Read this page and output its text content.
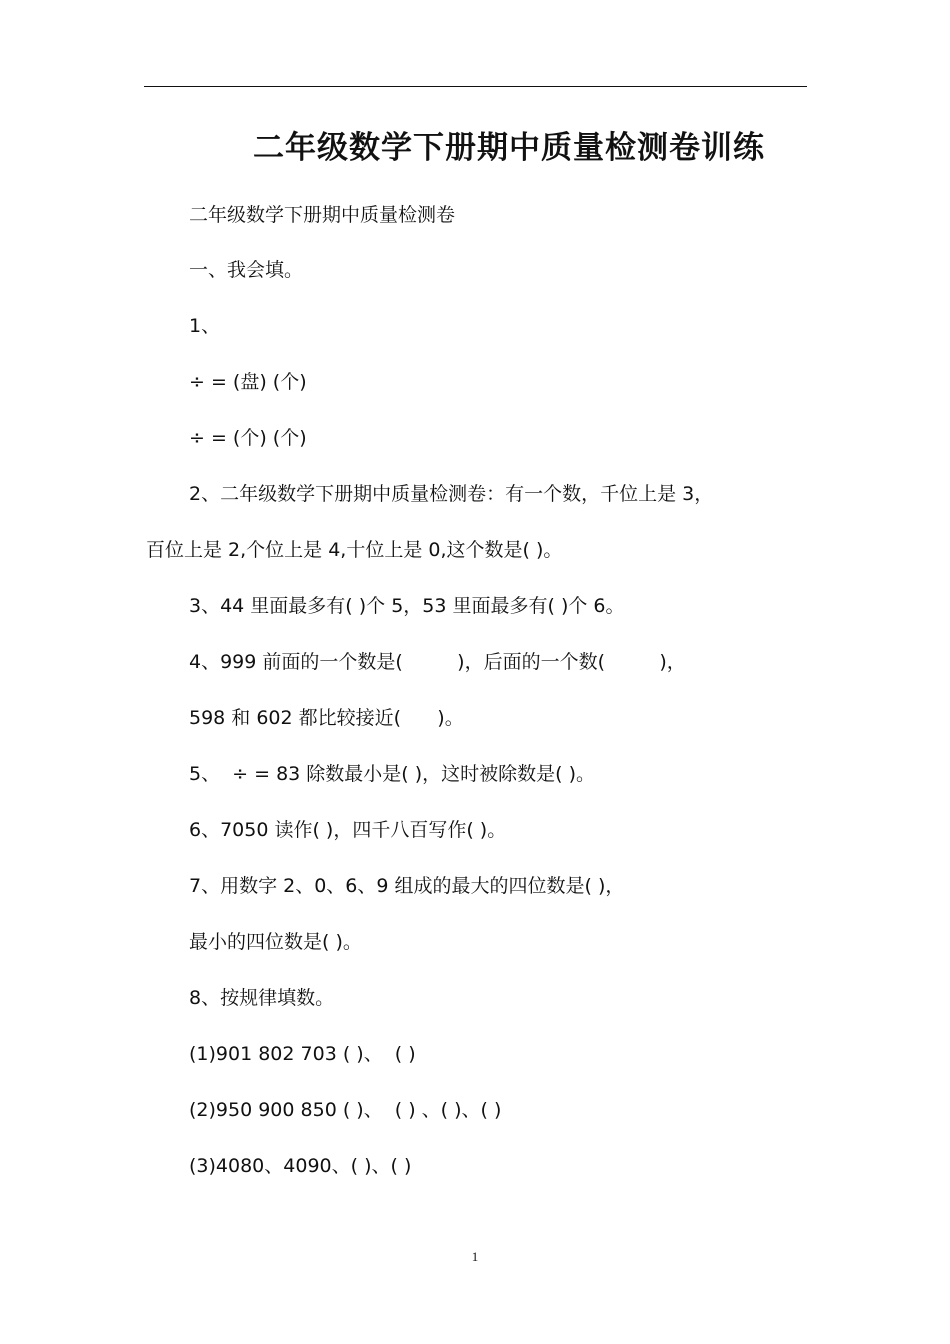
二年级数学下册期中质量检测卷训练
二年级数学下册期中质量检测卷
一、我会填。
1、
÷ = (盘) (个)
÷ = (个) (个)
2、二年级数学下册期中质量检测卷：有一个数，千位上是 3，
百位上是 2,个位上是 4,十位上是 0,这个数是( )。
3、44 里面最多有( )个 5，53 里面最多有( )个 6。
4、999 前面的一个数是(         )，后面的一个数(         )，
598 和 602 都比较接近(      )。
5、  ÷ = 83 除数最小是( )，这时被除数是( )。
6、7050 读作( )，四千八百写作( )。
7、用数字 2、0、6、9 组成的最大的四位数是( )，
最小的四位数是( )。
8、按规律填数。
(1)901 802 703 ( )、  ( )
(2)950 900 850 ( )、  ( ) 、( )、( )
(3)4080、4090、( )、( )
1
